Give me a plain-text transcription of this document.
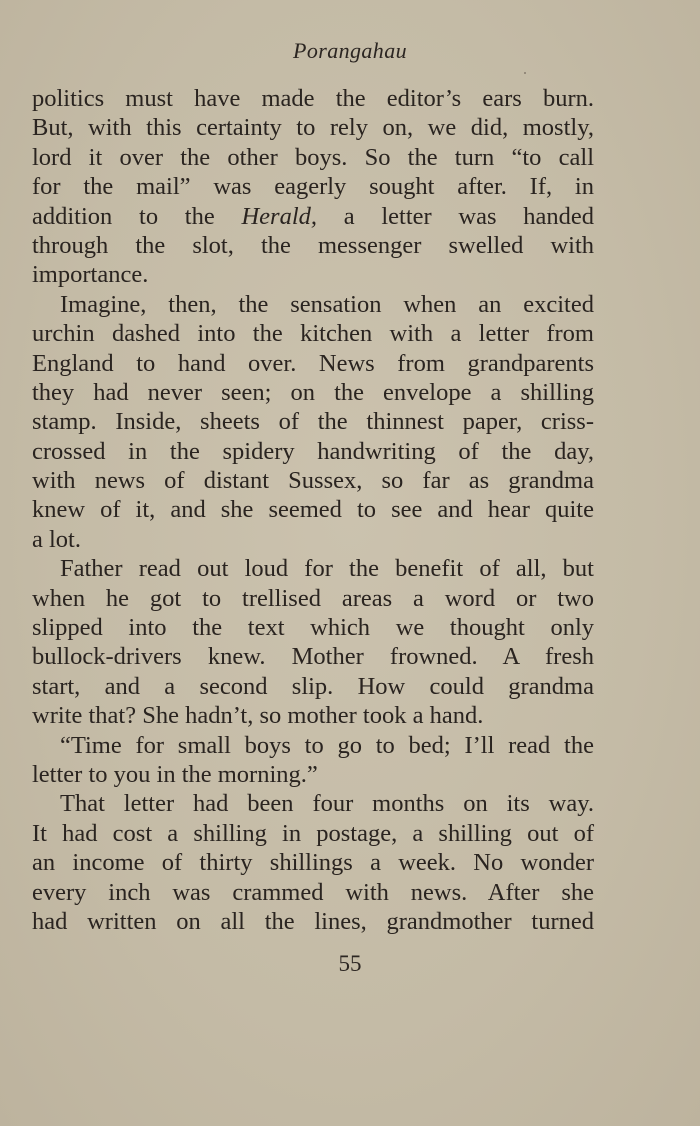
Porangahau
politics must have made the editor’s ears burn.
But, with this certainty to rely on, we did, mostly,
lord it over the other boys. So the turn “to call
for the mail” was eagerly sought after. If, in
addition to the Herald, a letter was handed
through the slot, the messenger swelled with
importance.
Imagine, then, the sensation when an excited
urchin dashed into the kitchen with a letter from
England to hand over. News from grandparents
they had never seen; on the envelope a shilling
stamp. Inside, sheets of the thinnest paper, criss-
crossed in the spidery handwriting of the day,
with news of distant Sussex, so far as grandma
knew of it, and she seemed to see and hear quite
a lot.
Father read out loud for the benefit of all, but
when he got to trellised areas a word or two
slipped into the text which we thought only
bullock-drivers knew. Mother frowned. A fresh
start, and a second slip. How could grandma
write that? She hadn’t, so mother took a hand.
“Time for small boys to go to bed; I’ll read the
letter to you in the morning.”
That letter had been four months on its way.
It had cost a shilling in postage, a shilling out of
an income of thirty shillings a week. No wonder
every inch was crammed with news. After she
had written on all the lines, grandmother turned
55
